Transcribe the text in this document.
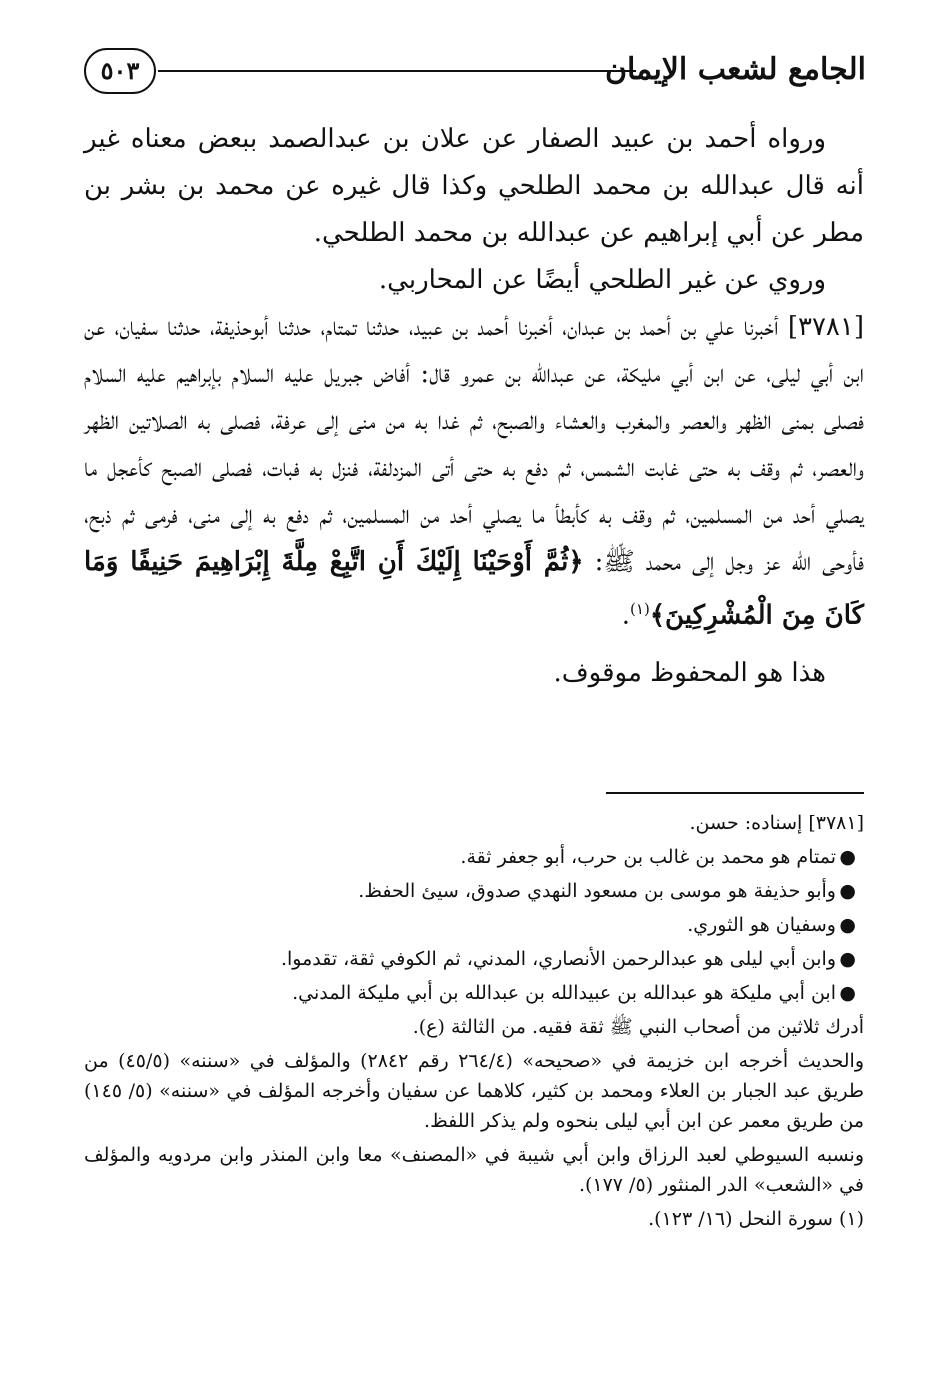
الجامع لشعب الإيمان
٥٠٣

ورواه أحمد بن عبيد الصفار عن علان بن عبدالصمد ببعض معناه غير أنه قال عبدالله بن محمد الطلحي وكذا قال غيره عن محمد بن بشر بن مطر عن أبي إبراهيم عن عبدالله بن محمد الطلحي.

وروي عن غير الطلحي أيضًا عن المحاربي.

[٣٧٨١] أخبرنا علي بن أحمد بن عبدان، أخبرنا أحمد بن عبيد، حدثنا تمتام، حدثنا أبوحذيفة، حدثنا سفيان، عن ابن أبي ليلى، عن ابن أبي مليكة، عن عبدالله بن عمرو قال: أفاض جبريل عليه السلام بإبراهيم عليه السلام فصلى بمنى الظهر والعصر والمغرب والعشاء والصبح، ثم غدا به من منى إلى عرفة، فصلى به الصلاتين الظهر والعصر، ثم وقف به حتى غابت الشمس، ثم دفع به حتى أتى المزدلفة، فنزل به فبات، فصلى الصبح كأعجل ما يصلي أحد من المسلمين، ثم وقف به كأبطأ ما يصلي أحد من المسلمين، ثم دفع به إلى منى، فرمى ثم ذبح، فأوحى الله عز وجل إلى محمد ﷺ: ﴿ثُمَّ أَوْحَيْنَا إِلَيْكَ أَنِ اتَّبِعْ مِلَّةَ إِبْرَاهِيمَ حَنِيفًا وَمَا كَانَ مِنَ الْمُشْرِكِينَ﴾$^{(١)}$.

هذا هو المحفوظ موقوف.

[٣٧٨١] إسناده: حسن.

●
تمتام هو محمد بن غالب بن حرب، أبو جعفر ثقة.
●
وأبو حذيفة هو موسى بن مسعود النهدي صدوق، سيئ الحفظ.
●
وسفيان هو الثوري.
●
وابن أبي ليلى هو عبدالرحمن الأنصاري، المدني، ثم الكوفي ثقة، تقدموا.
●
ابن أبي مليكة هو عبدالله بن عبيدالله بن عبدالله بن أبي مليكة المدني.

أدرك ثلاثين من أصحاب النبي ﷺ ثقة فقيه. من الثالثة (ع).

والحديث أخرجه ابن خزيمة في «صحيحه» (٢٦٤/٤ رقم ٢٨٤٢) والمؤلف في «سننه» (٤٥/٥) من طريق عبد الجبار بن العلاء ومحمد بن كثير، كلاهما عن سفيان وأخرجه المؤلف في «سننه» (٥/ ١٤٥) من طريق معمر عن ابن أبي ليلى بنحوه ولم يذكر اللفظ.

ونسبه السيوطي لعبد الرزاق وابن أبي شيبة في «المصنف» معا وابن المنذر وابن مردويه والمؤلف في «الشعب» الدر المنثور (٥/ ١٧٧).

(١) سورة النحل (١٦/ ١٢٣).
